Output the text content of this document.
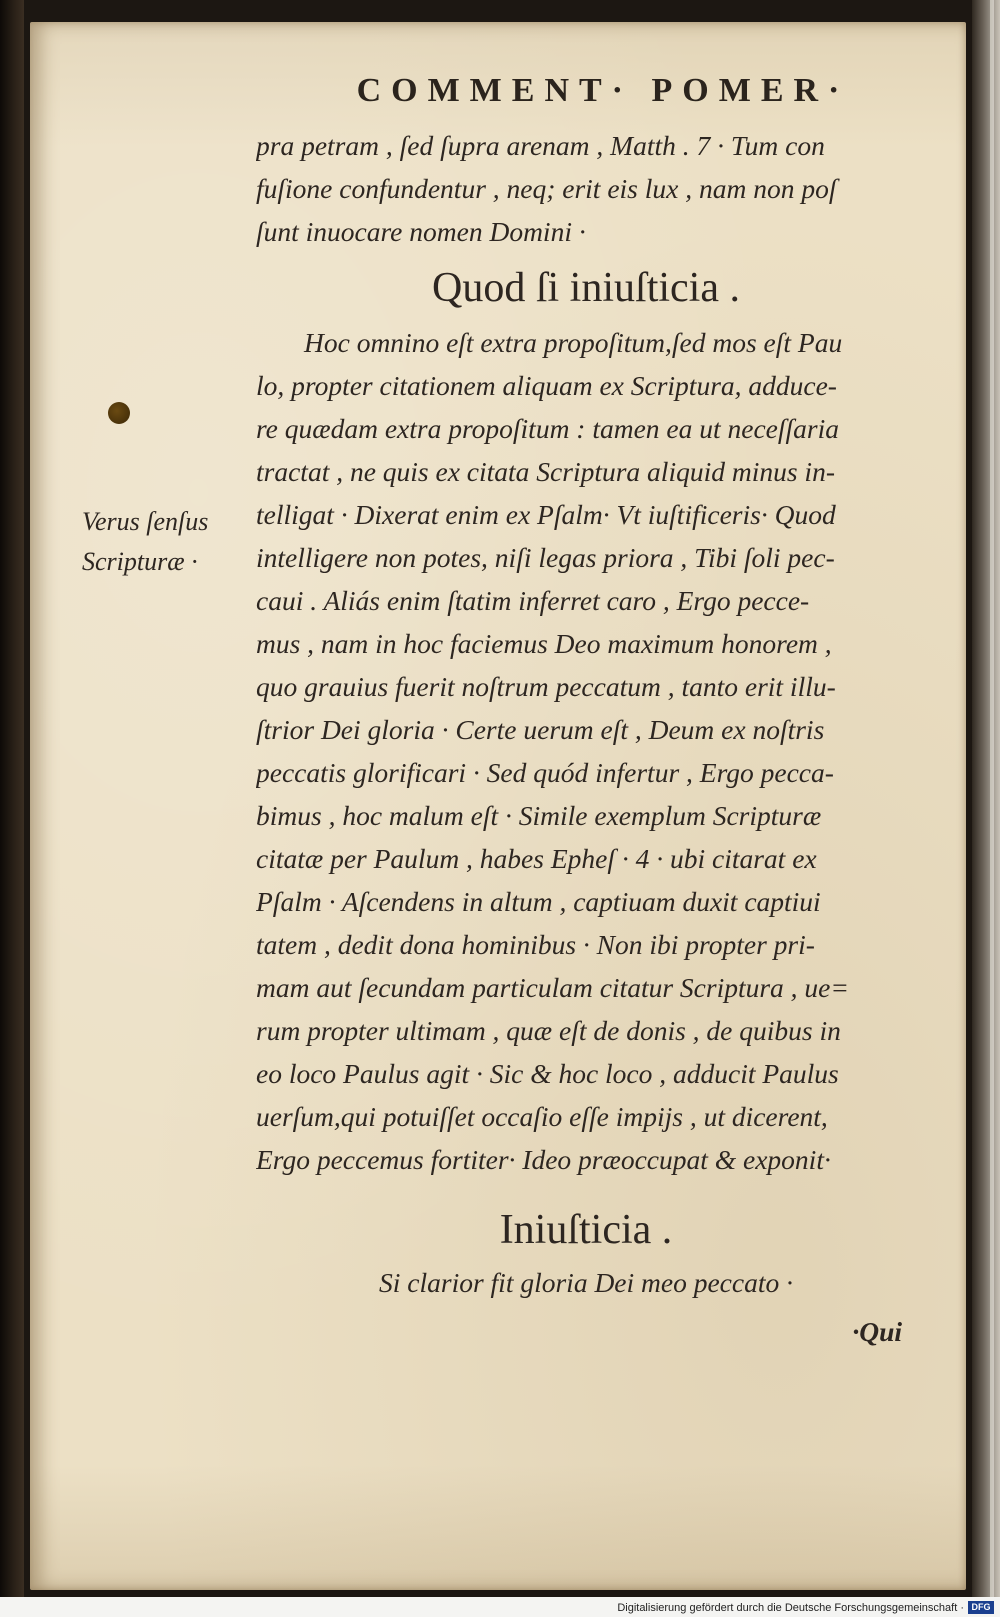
COMMENT· POMER·
Verus ſenſus
Scripturæ ·
pra petram , ſed ſupra arenam , Matth . 7 · Tum con
fuſione confundentur , neq; erit eis lux , nam non poſ
ſunt inuocare nomen Domini ·
Quod ſi iniuſticia .
Hoc omnino eſt extra propoſitum,ſed mos eſt Pau
lo, propter citationem aliquam ex Scriptura, adduce-
re quædam extra propoſitum : tamen ea ut neceſſaria
tractat , ne quis ex citata Scriptura aliquid minus in-
telligat · Dixerat enim ex Pſalm· Vt iuſtificeris· Quod
intelligere non potes, niſi legas priora , Tibi ſoli pec-
caui . Aliás enim ſtatim inferret caro , Ergo pecce-
mus , nam in hoc faciemus Deo maximum honorem ,
quo grauius fuerit noſtrum peccatum , tanto erit illu-
ſtrior Dei gloria · Certe uerum eſt , Deum ex noſtris
peccatis glorificari · Sed quód infertur , Ergo pecca-
bimus , hoc malum eſt · Simile exemplum Scripturæ
citatæ per Paulum , habes Epheſ · 4 · ubi citarat ex
Pſalm · Aſcendens in altum , captiuam duxit captiui
tatem , dedit dona hominibus · Non ibi propter pri-
mam aut ſecundam particulam citatur Scriptura , ue=
rum propter ultimam , quæ eſt de donis , de quibus in
eo loco Paulus agit · Sic & hoc loco , adducit Paulus
uerſum,qui potuiſſet occaſio eſſe impijs , ut dicerent,
Ergo peccemus fortiter· Ideo præoccupat & exponit·
Iniuſticia .
Si clarior fit gloria Dei meo peccato ·
·Qui
Digitalisierung gefördert durch die Deutsche Forschungsgemeinschaft · DFG
